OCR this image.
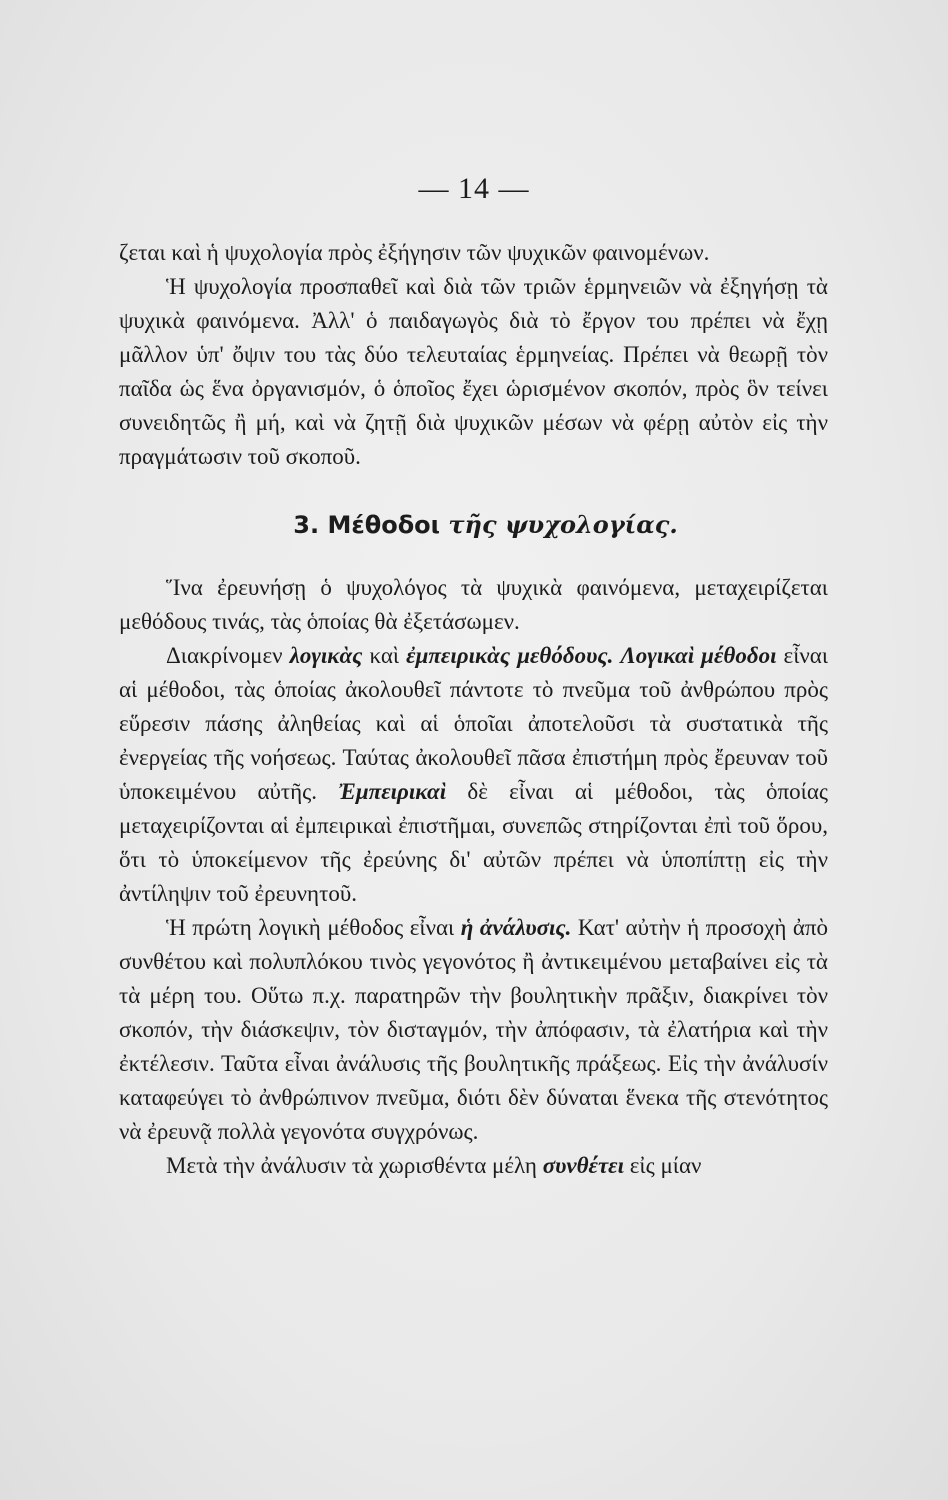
— 14 —

ζεται καὶ ἡ ψυχολογία πρὸς ἐξήγησιν τῶν ψυχικῶν φαινομένων.

Ἡ ψυχολογία προσπαθεῖ καὶ διὰ τῶν τριῶν ἑρμηνειῶν νὰ ἐξηγήσῃ τὰ ψυχικὰ φαινόμενα. Ἀλλ' ὁ παιδαγωγὸς διὰ τὸ ἔργον του πρέπει νὰ ἔχῃ μᾶλλον ὑπ' ὄψιν του τὰς δύο τελευταίας ἑρμηνείας. Πρέπει νὰ θεωρῇ τὸν παῖδα ὡς ἕνα ὀργανισμόν, ὁ ὁποῖος ἔχει ὡρισμένον σκοπόν, πρὸς ὃν τείνει συνειδητῶς ἢ μή, καὶ νὰ ζητῇ διὰ ψυχικῶν μέσων νὰ φέρῃ αὐτὸν εἰς τὴν πραγμάτωσιν τοῦ σκοποῦ.

3. Μέθοδοι τῆς ψυχολογίας.

Ἵνα ἐρευνήσῃ ὁ ψυχολόγος τὰ ψυχικὰ φαινόμενα, μεταχειρίζεται μεθόδους τινάς, τὰς ὁποίας θὰ ἐξετάσωμεν.

Διακρίνομεν λογικὰς καὶ ἐμπειρικὰς μεθόδους. Λογικαὶ μέθοδοι εἶναι αἱ μέθοδοι, τὰς ὁποίας ἀκολουθεῖ πάντοτε τὸ πνεῦμα τοῦ ἀνθρώπου πρὸς εὕρεσιν πάσης ἀληθείας καὶ αἱ ὁποῖαι ἀποτελοῦσι τὰ συστατικὰ τῆς ἐνεργείας τῆς νοήσεως. Ταύτας ἀκολουθεῖ πᾶσα ἐπιστήμη πρὸς ἔρευναν τοῦ ὑποκειμένου αὐτῆς. Ἐμπειρικαὶ δὲ εἶναι αἱ μέθοδοι, τὰς ὁποίας μεταχειρίζονται αἱ ἐμπειρικαὶ ἐπιστῆμαι, συνεπῶς στηρίζονται ἐπὶ τοῦ ὅρου, ὅτι τὸ ὑποκείμενον τῆς ἐρεύνης δι' αὐτῶν πρέπει νὰ ὑποπίπτῃ εἰς τὴν ἀντίληψιν τοῦ ἐρευνητοῦ.

Ἡ πρώτη λογικὴ μέθοδος εἶναι ἡ ἀνάλυσις. Κατ' αὐτὴν ἡ προσοχὴ ἀπὸ συνθέτου καὶ πολυπλόκου τινὸς γεγονότος ἢ ἀντικειμένου μεταβαίνει εἰς τὰ τὰ μέρη του. Οὕτω π.χ. παρατηρῶν τὴν βουλητικὴν πρᾶξιν, διακρίνει τὸν σκοπόν, τὴν διάσκεψιν, τὸν δισταγμόν, τὴν ἀπόφασιν, τὰ ἐλατήρια καὶ τὴν ἐκτέλεσιν. Ταῦτα εἶναι ἀνάλυσις τῆς βουλητικῆς πράξεως. Εἰς τὴν ἀνάλυσίν καταφεύγει τὸ ἀνθρώπινον πνεῦμα, διότι δὲν δύναται ἕνεκα τῆς στενότητος νὰ ἐρευνᾷ πολλὰ γεγονότα συγχρόνως.

Μετὰ τὴν ἀνάλυσιν τὰ χωρισθέντα μέλη συνθέτει εἰς μίαν
